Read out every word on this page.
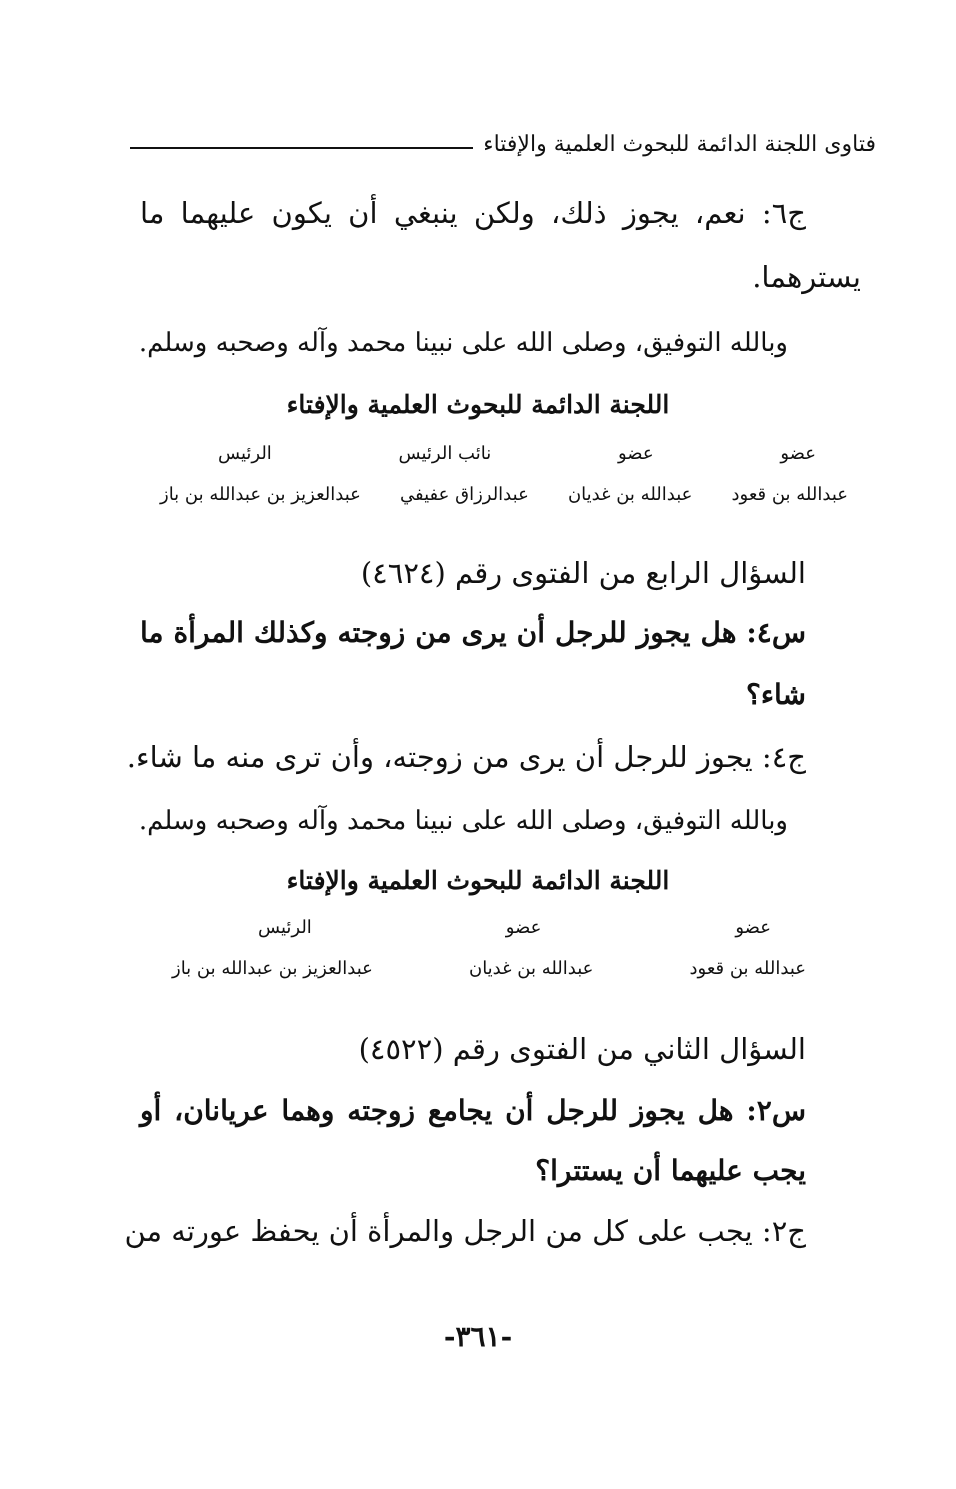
فتاوى اللجنة الدائمة للبحوث العلمية والإفتاء
ج٦: نعم، يجوز ذلك، ولكن ينبغي أن يكون عليهما ما
يسترهما.
وبالله التوفيق، وصلى الله على نبينا محمد وآله وصحبه وسلم.
اللجنة الدائمة للبحوث العلمية والإفتاء
عضو
عضو
نائب الرئيس
الرئيس
عبدالله بن قعود
عبدالله بن غديان
عبدالرزاق عفيفي
عبدالعزيز بن عبدالله بن باز
السؤال الرابع من الفتوى رقم (٤٦٢٤)
س٤: هل يجوز للرجل أن يرى من زوجته وكذلك المرأة ما
شاء؟
ج٤: يجوز للرجل أن يرى من زوجته، وأن ترى منه ما شاء.
وبالله التوفيق، وصلى الله على نبينا محمد وآله وصحبه وسلم.
اللجنة الدائمة للبحوث العلمية والإفتاء
عضو
عضو
الرئيس
عبدالله بن قعود
عبدالله بن غديان
عبدالعزيز بن عبدالله بن باز
السؤال الثاني من الفتوى رقم (٤٥٢٢)
س٢: هل يجوز للرجل أن يجامع زوجته وهما عريانان، أو
يجب عليهما أن يستترا؟
ج٢: يجب على كل من الرجل والمرأة أن يحفظ عورته من
-٣٦١-
